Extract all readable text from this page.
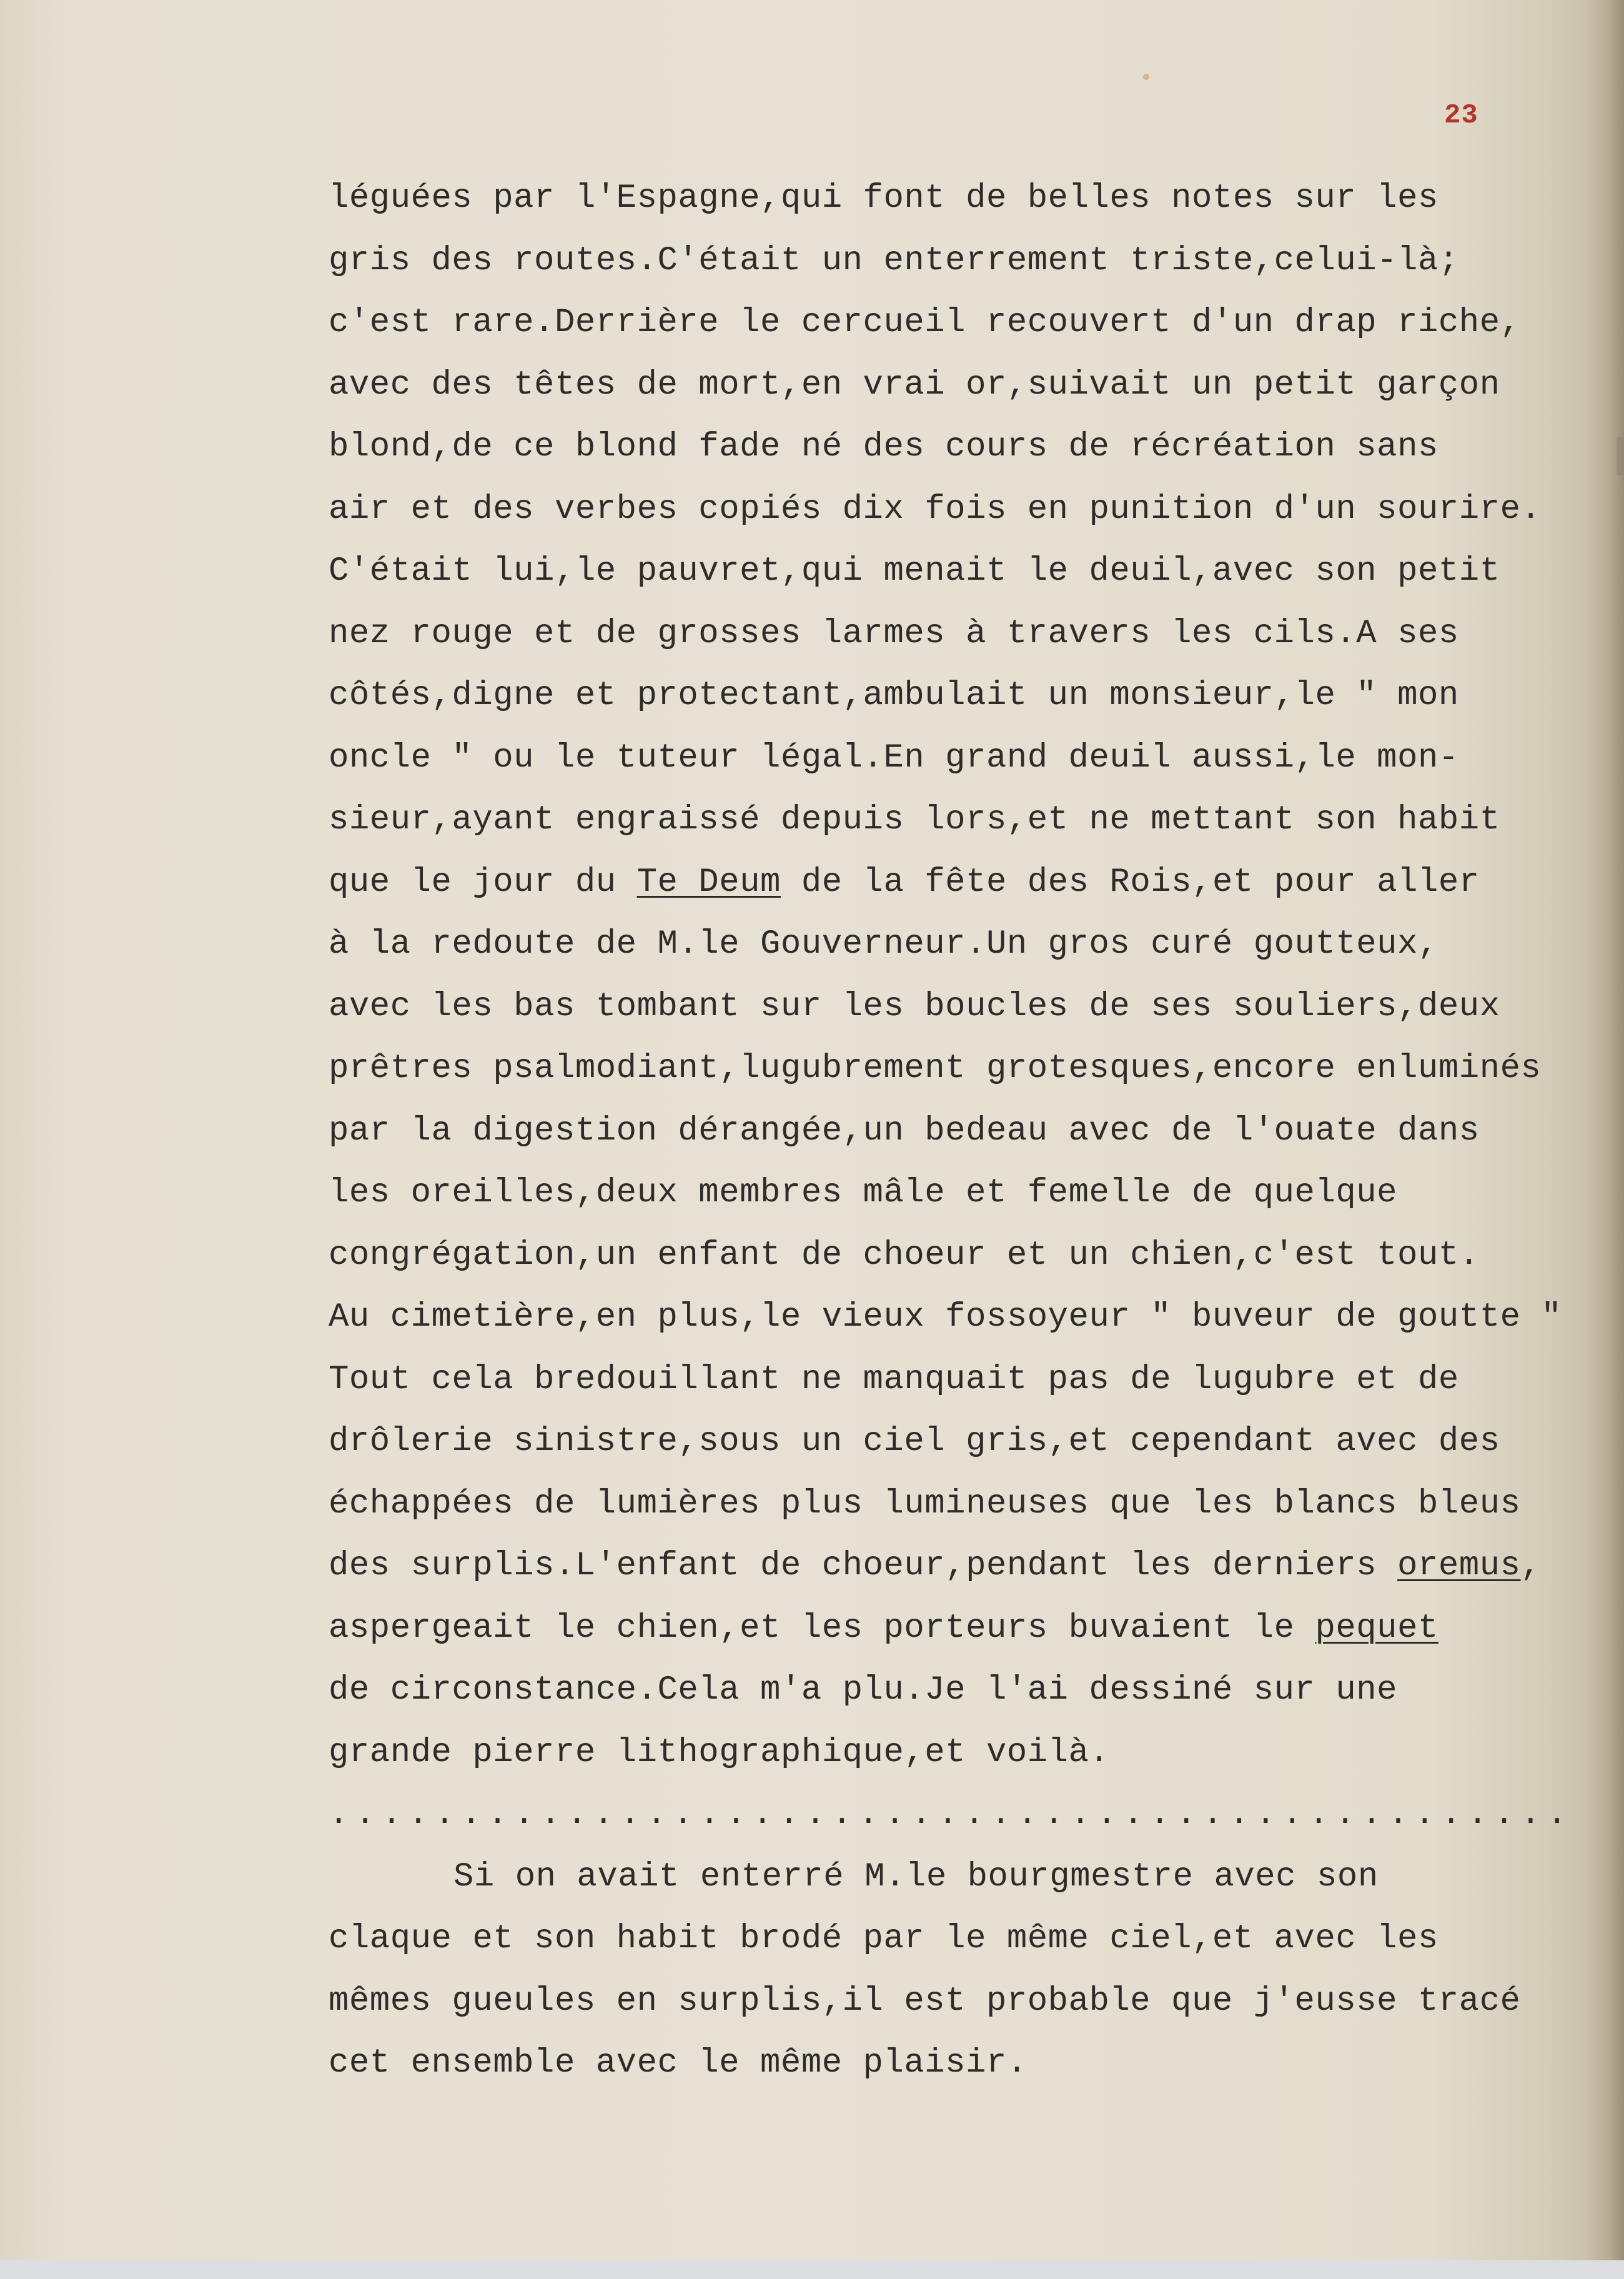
23
léguées par l'Espagne,qui font de belles notes sur les
gris des routes.C'était un enterrement triste,celui-là;
c'est rare.Derrière le cercueil recouvert d'un drap riche,
avec des têtes de mort,en vrai or,suivait un petit garçon
blond,de ce blond fade né des cours de récréation sans
air et des verbes copiés dix fois en punition d'un sourire.
C'était lui,le pauvret,qui menait le deuil,avec son petit
nez rouge et de grosses larmes à travers les cils.A ses
côtés,digne et protectant,ambulait un monsieur,le " mon
oncle " ou le tuteur légal.En grand deuil aussi,le mon-
sieur,ayant engraissé depuis lors,et ne mettant son habit
que le jour du Te Deum de la fête des Rois,et pour aller
à la redoute de M.le Gouverneur.Un gros curé goutteux,
avec les bas tombant sur les boucles de ses souliers,deux
prêtres psalmodiant,lugubrement grotesques,encore enluminés
par la digestion dérangée,un bedeau avec de l'ouate dans
les oreilles,deux membres mâle et femelle de quelque
congrégation,un enfant de choeur et un chien,c'est tout.
Au cimetière,en plus,le vieux fossoyeur " buveur de goutte "
Tout cela bredouillant ne manquait pas de lugubre et de
drôlerie sinistre,sous un ciel gris,et cependant avec des
échappées de lumières plus lumineuses que les blancs bleus
des surplis.L'enfant de choeur,pendant les derniers oremus,
aspergeait le chien,et les porteurs buvaient le pequet
de circonstance.Cela m'a plu.Je l'ai dessiné sur une
grande pierre lithographique,et voilà.
...............................................
Si on avait enterré M.le bourgmestre avec son
claque et son habit brodé par le même ciel,et avec les
mêmes gueules en surplis,il est probable que j'eusse tracé
cet ensemble avec le même plaisir.
